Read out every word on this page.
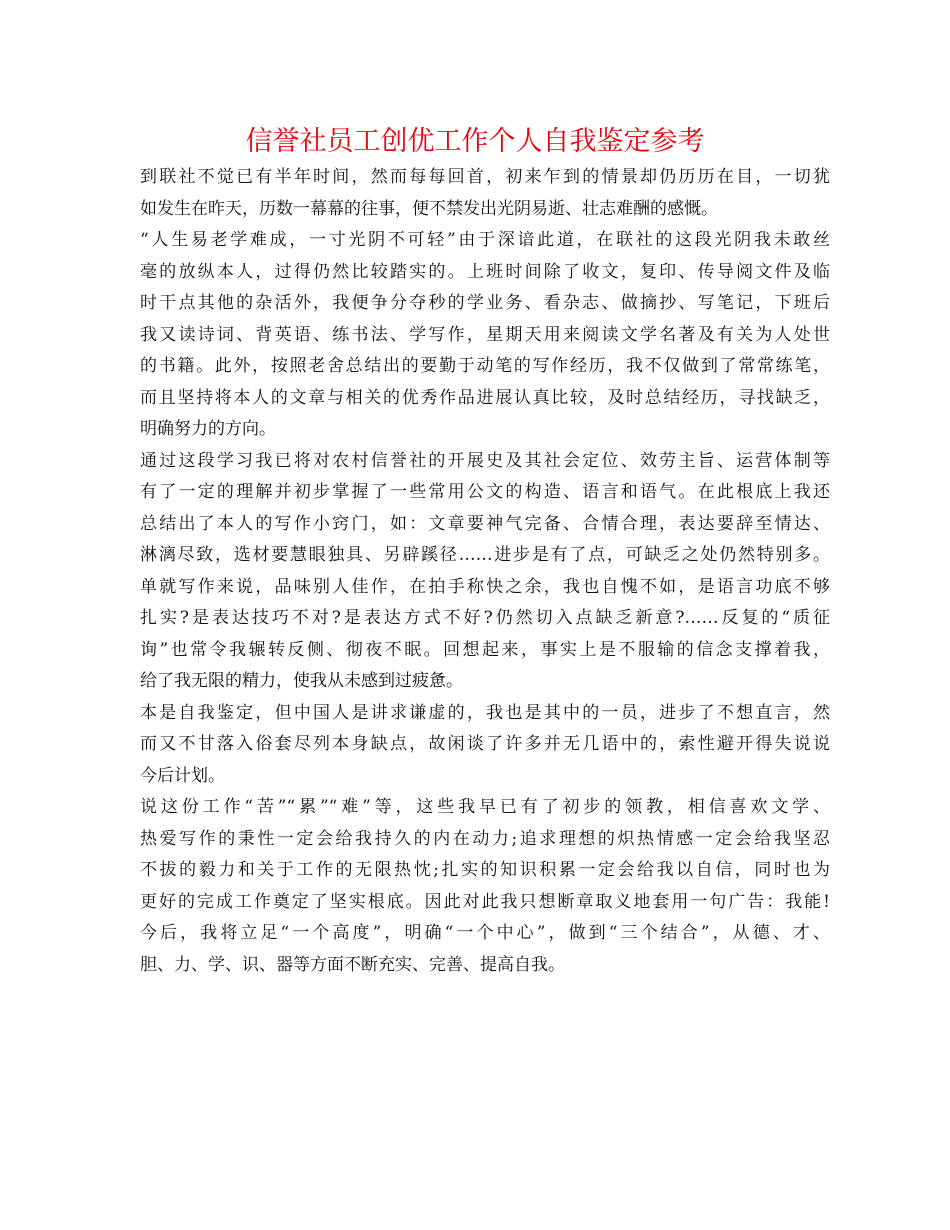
信誉社员工创优工作个人自我鉴定参考

到联社不觉已有半年时间，然而每每回首，初来乍到的情景却仍历历在目，一切犹
如发生在昨天，历数一幕幕的往事，便不禁发出光阴易逝、壮志难酬的感慨。

“人生易老学难成，一寸光阴不可轻”由于深谙此道，在联社的这段光阴我未敢丝
毫的放纵本人，过得仍然比较踏实的。上班时间除了收文，复印、传导阅文件及临
时干点其他的杂活外，我便争分夺秒的学业务、看杂志、做摘抄、写笔记，下班后
我又读诗词、背英语、练书法、学写作，星期天用来阅读文学名著及有关为人处世
的书籍。此外，按照老舍总结出的要勤于动笔的写作经历，我不仅做到了常常练笔，
而且坚持将本人的文章与相关的优秀作品进展认真比较，及时总结经历，寻找缺乏，
明确努力的方向。

通过这段学习我已将对农村信誉社的开展史及其社会定位、效劳主旨、运营体制等
有了一定的理解并初步掌握了一些常用公文的构造、语言和语气。在此根底上我还
总结出了本人的写作小窍门，如：文章要神气完备、合情合理，表达要辞至情达、
淋漓尽致，选材要慧眼独具、另辟蹊径……进步是有了点，可缺乏之处仍然特别多。
单就写作来说，品味别人佳作，在拍手称快之余，我也自愧不如，是语言功底不够
扎实?是表达技巧不对?是表达方式不好?仍然切入点缺乏新意?……反复的“质征
询”也常令我辗转反侧、彻夜不眠。回想起来，事实上是不服输的信念支撑着我，
给了我无限的精力，使我从未感到过疲惫。

本是自我鉴定，但中国人是讲求谦虚的，我也是其中的一员，进步了不想直言，然
而又不甘落入俗套尽列本身缺点，故闲谈了许多并无几语中的，索性避开得失说说
今后计划。

说这份工作“苦”“累”“难”等，这些我早已有了初步的领教，相信喜欢文学、
热爱写作的秉性一定会给我持久的内在动力;追求理想的炽热情感一定会给我坚忍
不拔的毅力和关于工作的无限热忱;扎实的知识积累一定会给我以自信，同时也为
更好的完成工作奠定了坚实根底。因此对此我只想断章取义地套用一句广告：我能!
今后，我将立足“一个高度”，明确“一个中心”，做到“三个结合”，从德、才、
胆、力、学、识、器等方面不断充实、完善、提高自我。
